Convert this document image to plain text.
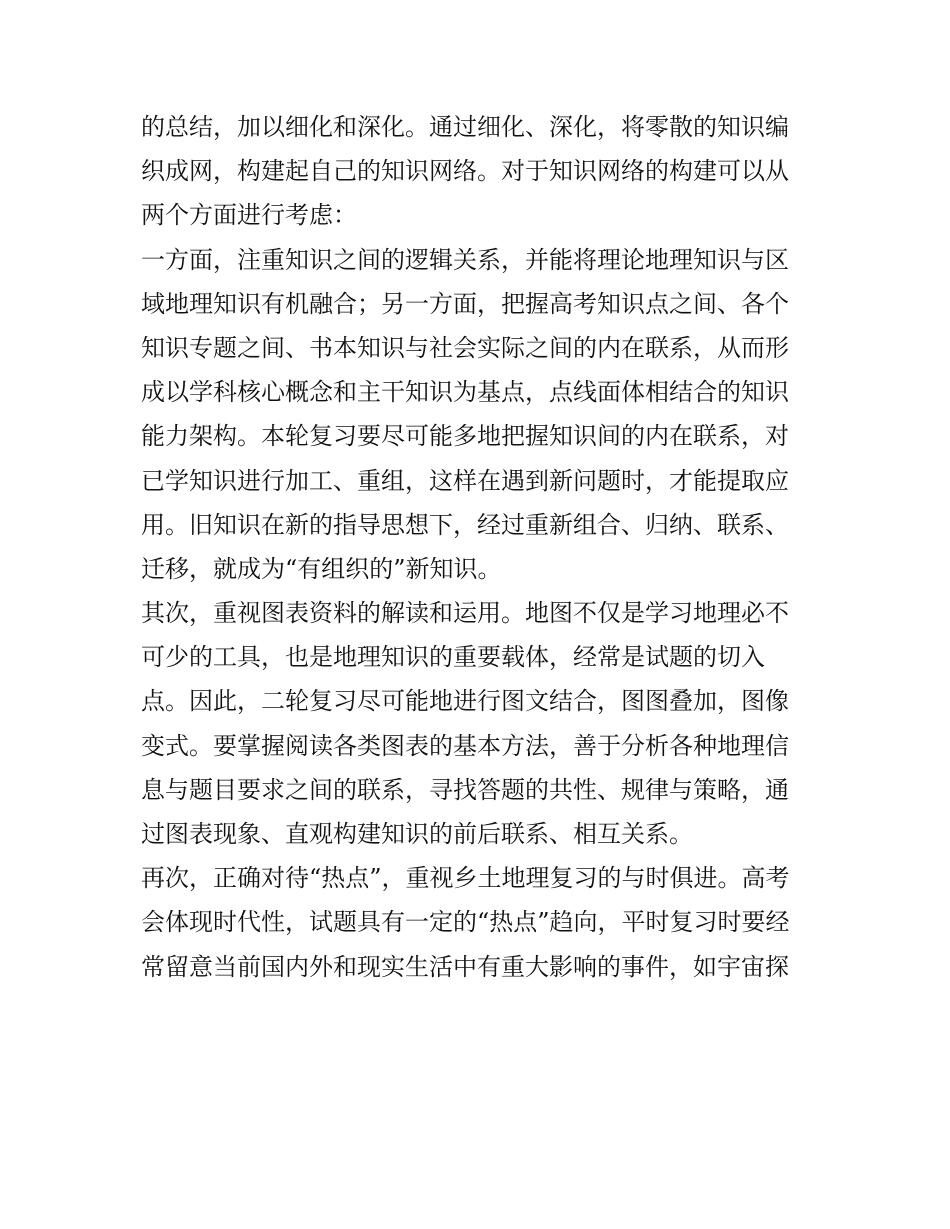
的总结，加以细化和深化。通过细化、深化，将零散的知识编
织成网，构建起自己的知识网络。对于知识网络的构建可以从
两个方面进行考虑：
一方面，注重知识之间的逻辑关系，并能将理论地理知识与区
域地理知识有机融合；另一方面，把握高考知识点之间、各个
知识专题之间、书本知识与社会实际之间的内在联系，从而形
成以学科核心概念和主干知识为基点，点线面体相结合的知识
能力架构。本轮复习要尽可能多地把握知识间的内在联系，对
已学知识进行加工、重组，这样在遇到新问题时，才能提取应
用。旧知识在新的指导思想下，经过重新组合、归纳、联系、
迁移，就成为“有组织的”新知识。
其次，重视图表资料的解读和运用。地图不仅是学习地理必不
可少的工具，也是地理知识的重要载体，经常是试题的切入
点。因此，二轮复习尽可能地进行图文结合，图图叠加，图像
变式。要掌握阅读各类图表的基本方法，善于分析各种地理信
息与题目要求之间的联系，寻找答题的共性、规律与策略，通
过图表现象、直观构建知识的前后联系、相互关系。
再次，正确对待“热点”，重视乡土地理复习的与时俱进。高考
会体现时代性，试题具有一定的“热点”趋向，平时复习时要经
常留意当前国内外和现实生活中有重大影响的事件，如宇宙探
